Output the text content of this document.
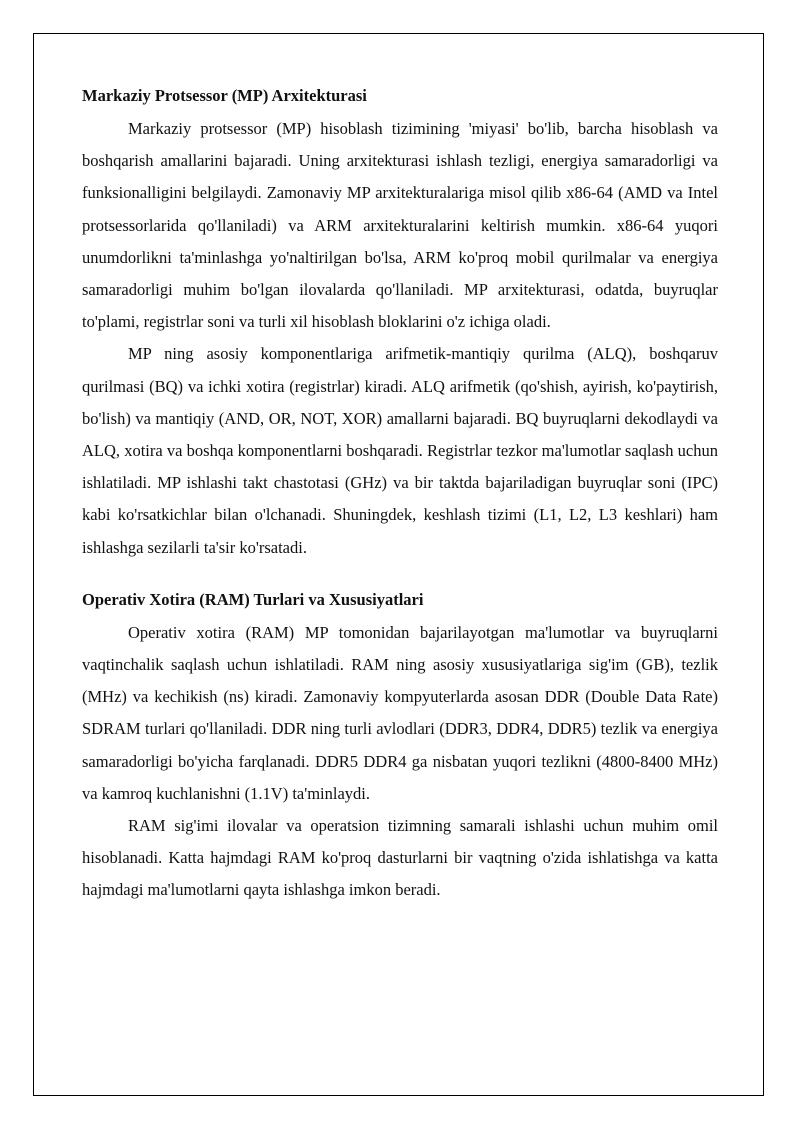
Markaziy Protsessor (MP) Arxitekturasi

Markaziy protsessor (MP) hisoblash tizimining 'miyasi' bo'lib, barcha hisoblash va boshqarish amallarini bajaradi. Uning arxitekturasi ishlash tezligi, energiya samaradorligi va funksionalligini belgilaydi. Zamonaviy MP arxitekturalariga misol qilib x86-64 (AMD va Intel protsessorlarida qo'llaniladi) va ARM arxitekturalarini keltirish mumkin. x86-64 yuqori unumdorlikni ta'minlashga yo'naltirilgan bo'lsa, ARM ko'proq mobil qurilmalar va energiya samaradorligi muhim bo'lgan ilovalarda qo'llaniladi. MP arxitekturasi, odatda, buyruqlar to'plami, registrlar soni va turli xil hisoblash bloklarini o'z ichiga oladi.

MP ning asosiy komponentlariga arifmetik-mantiqiy qurilma (ALQ), boshqaruv qurilmasi (BQ) va ichki xotira (registrlar) kiradi. ALQ arifmetik (qo'shish, ayirish, ko'paytirish, bo'lish) va mantiqiy (AND, OR, NOT, XOR) amallarni bajaradi. BQ buyruqlarni dekodlaydi va ALQ, xotira va boshqa komponentlarni boshqaradi. Registrlar tezkor ma'lumotlar saqlash uchun ishlatiladi. MP ishlashi takt chastotasi (GHz) va bir taktda bajariladigan buyruqlar soni (IPC) kabi ko'rsatkichlar bilan o'lchanadi. Shuningdek, keshlash tizimi (L1, L2, L3 keshlari) ham ishlashga sezilarli ta'sir ko'rsatadi.

Operativ Xotira (RAM) Turlari va Xususiyatlari

Operativ xotira (RAM) MP tomonidan bajarilayotgan ma'lumotlar va buyruqlarni vaqtinchalik saqlash uchun ishlatiladi. RAM ning asosiy xususiyatlariga sig'im (GB), tezlik (MHz) va kechikish (ns) kiradi. Zamonaviy kompyuterlarda asosan DDR (Double Data Rate) SDRAM turlari qo'llaniladi. DDR ning turli avlodlari (DDR3, DDR4, DDR5) tezlik va energiya samaradorligi bo'yicha farqlanadi. DDR5 DDR4 ga nisbatan yuqori tezlikni (4800-8400 MHz) va kamroq kuchlanishni (1.1V) ta'minlaydi.

RAM sig'imi ilovalar va operatsion tizimning samarali ishlashi uchun muhim omil hisoblanadi. Katta hajmdagi RAM ko'proq dasturlarni bir vaqtning o'zida ishlatishga va katta hajmdagi ma'lumotlarni qayta ishlashga imkon beradi.
